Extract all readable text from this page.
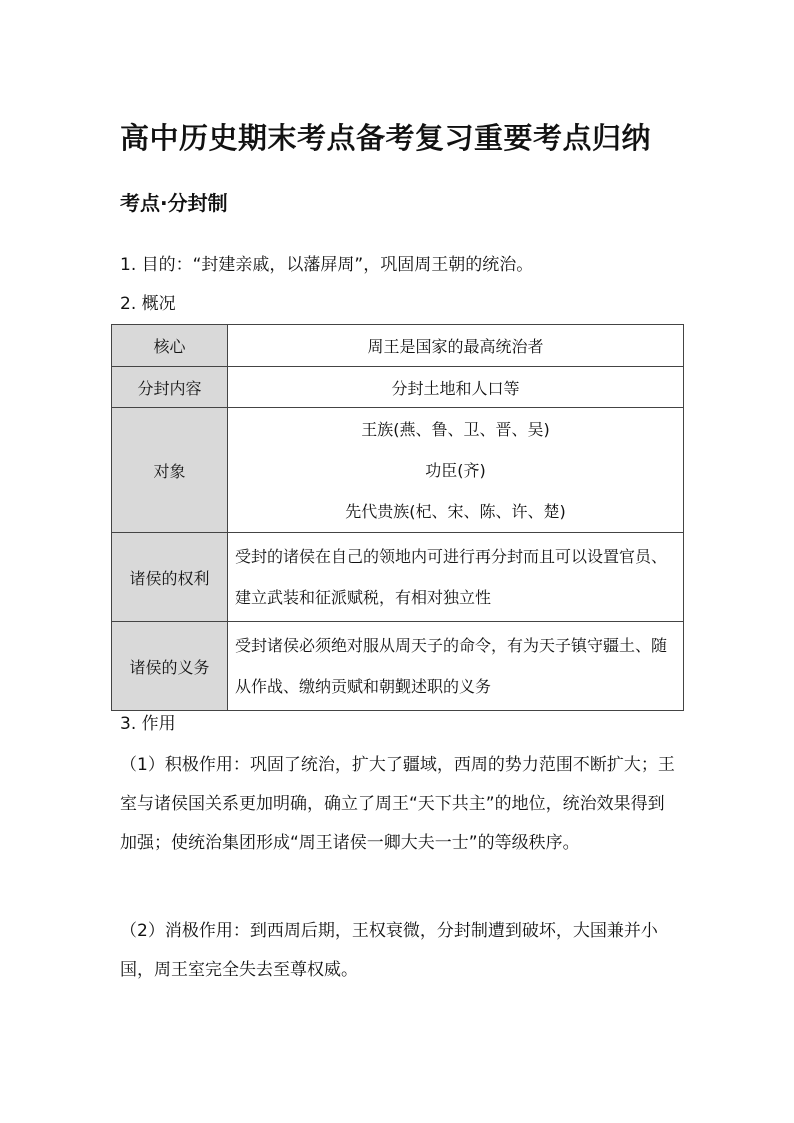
高中历史期末考点备考复习重要考点归纳
考点·分封制
1. 目的：“封建亲戚，以藩屏周”，巩固周王朝的统治。
2. 概况
核心	周王是国家的最高统治者
分封内容	分封土地和人口等
对象	王族(燕、鲁、卫、晋、吴)
功臣(齐)
先代贵族(杞、宋、陈、许、楚)

诸侯的权利	受封的诸侯在自己的领地内可进行再分封而且可以设置官员、建立武装和征派赋税，有相对独立性
诸侯的义务	受封诸侯必须绝对服从周天子的命令，有为天子镇守疆土、随从作战、缴纳贡赋和朝觐述职的义务
3. 作用
（1）积极作用：巩固了统治，扩大了疆域，西周的势力范围不断扩大；王室与诸侯国关系更加明确，确立了周王“天下共主”的地位，统治效果得到加强；使统治集团形成“周王诸侯一卿大夫一士”的等级秩序。
（2）消极作用：到西周后期，王权衰微，分封制遭到破坏，大国兼并小国，周王室完全失去至尊权威。
